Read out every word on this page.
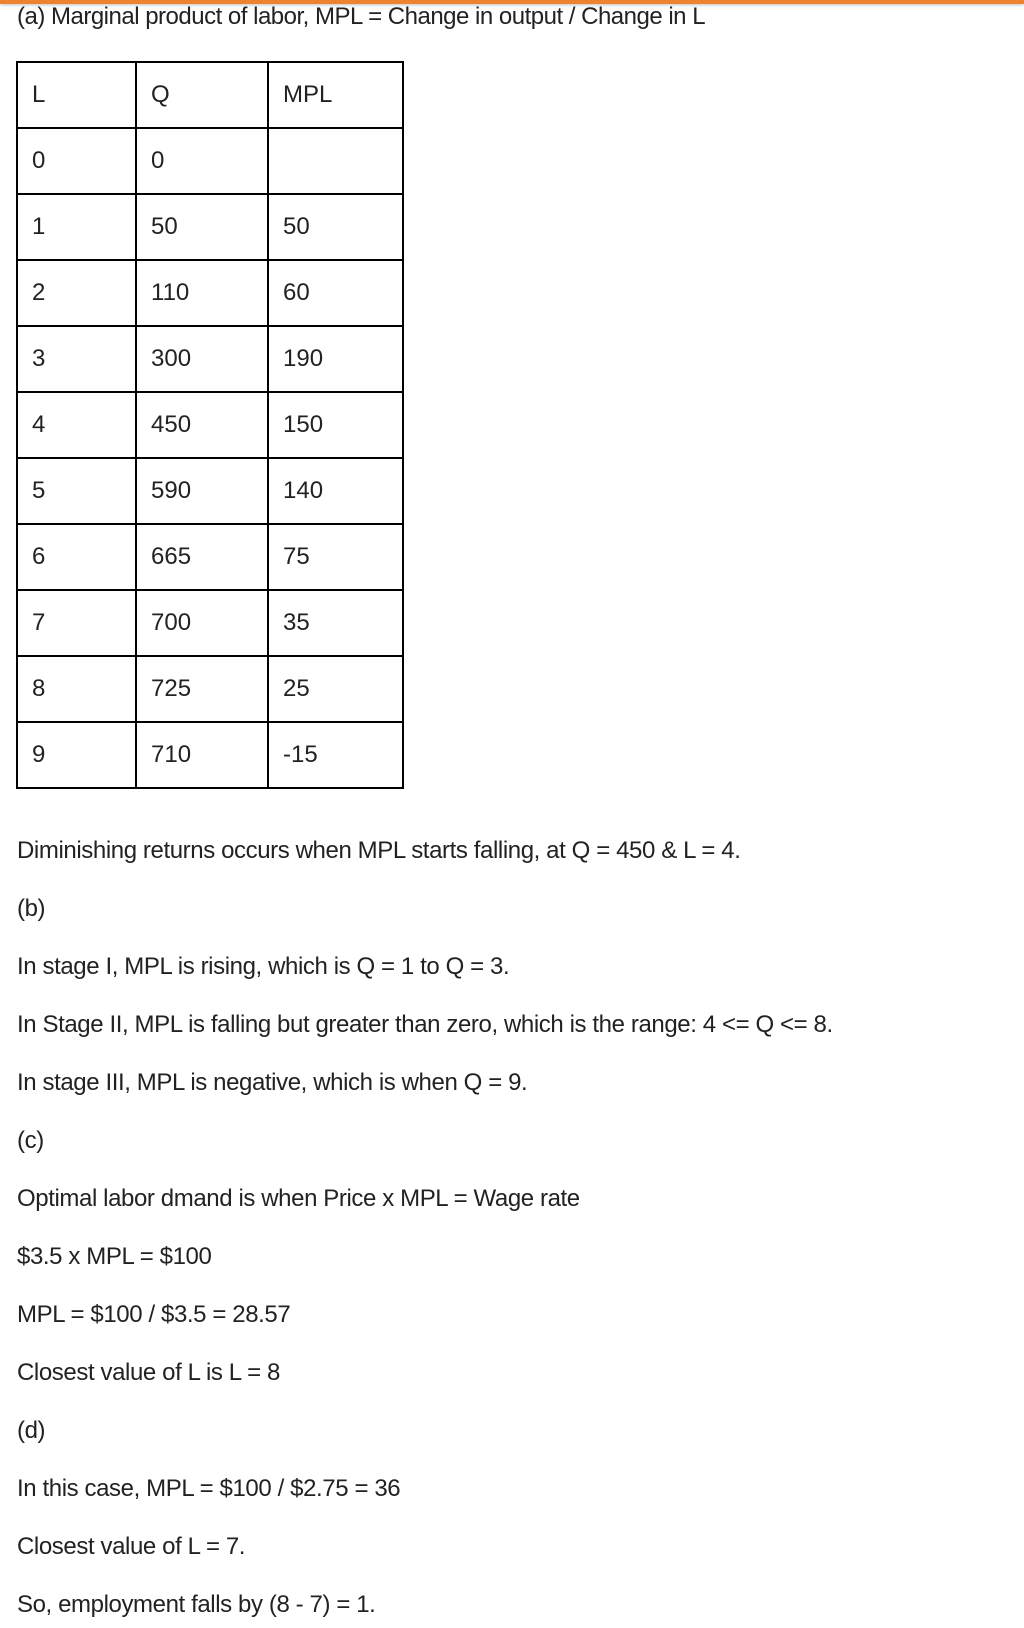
(a) Marginal product of labor, MPL = Change in output / Change in L
L	Q	MPL
0	0	
1	50	50
2	110	60
3	300	190
4	450	150
5	590	140
6	665	75
7	700	35
8	725	25
9	710	-15
Diminishing returns occurs when MPL starts falling, at Q = 450 & L = 4.
(b)
In stage I, MPL is rising, which is Q = 1 to Q = 3.
In Stage II, MPL is falling but greater than zero, which is the range: 4 <= Q <= 8.
In stage III, MPL is negative, which is when Q = 9.
(c)
Optimal labor dmand is when Price x MPL = Wage rate
$3.5 x MPL = $100
MPL = $100 / $3.5 = 28.57
Closest value of L is L = 8
(d)
In this case, MPL = $100 / $2.75 = 36
Closest value of L = 7.
So, employment falls by (8 - 7) = 1.
